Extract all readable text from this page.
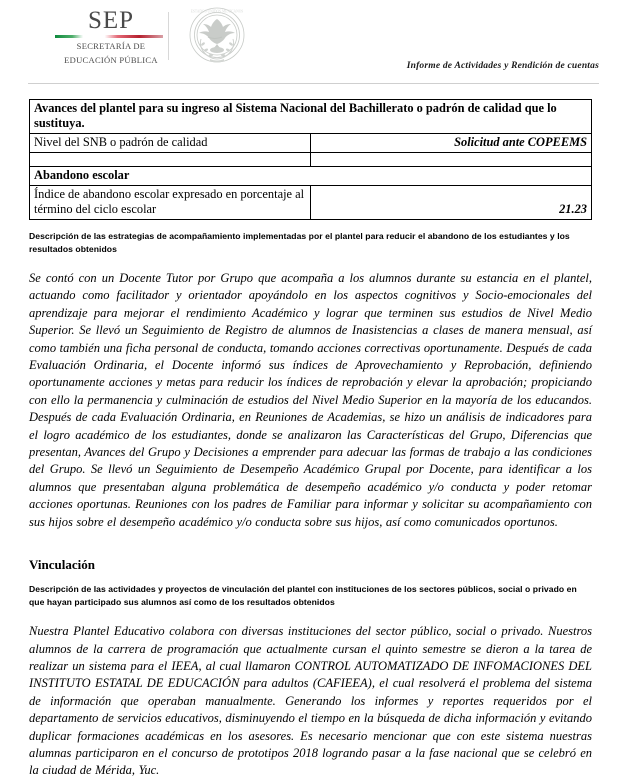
SEP
SECRETARÍA DE
EDUCACIÓN PÚBLICA
ESTADOS UNIDOS MEXICANOS
Informe de Actividades y Rendición de cuentas
Avances del plantel para su ingreso al Sistema Nacional del Bachillerato o padrón de calidad que lo sustituya.	
Nivel del SNB o padrón de calidad	Solicitud ante COPEEMS

Abandono escolar	
Índice de abandono escolar expresado en porcentaje al término del ciclo escolar	21.23
Descripción de las estrategias de acompañamiento implementadas por el plantel para reducir el abandono de los estudiantes y los resultados obtenidos
Se contó con un Docente Tutor por Grupo que acompaña a los alumnos durante su estancia en el plantel, actuando como facilitador y orientador apoyándolo en los aspectos cognitivos y Socio-emocionales del aprendizaje para mejorar el rendimiento Académico y lograr que terminen sus estudios de Nivel Medio Superior. Se llevó un Seguimiento de Registro de alumnos de Inasistencias a clases de manera mensual, así como también una ficha personal de conducta, tomando acciones correctivas oportunamente. Después de cada Evaluación Ordinaria, el Docente informó sus índices de Aprovechamiento y Reprobación, definiendo oportunamente acciones y metas para reducir los índices de reprobación y elevar la aprobación; propiciando con ello la permanencia y culminación de estudios del Nivel Medio Superior en la mayoría de los educandos. Después de cada Evaluación Ordinaria, en Reuniones de Academias, se hizo un análisis de indicadores para el logro académico de los estudiantes, donde se analizaron las Características del Grupo, Diferencias que presentan, Avances del Grupo y Decisiones a emprender para adecuar las formas de trabajo a las condiciones del Grupo. Se llevó un Seguimiento de Desempeño Académico Grupal por Docente, para identificar a los alumnos que presentaban alguna problemática de desempeño académico y/o conducta y poder retomar acciones oportunas. Reuniones con los padres de Familiar para informar y solicitar su acompañamiento con sus hijos sobre el desempeño académico y/o conducta sobre sus hijos, así como comunicados oportunos.
Vinculación
Descripción de las actividades y proyectos de vinculación del plantel con instituciones de los sectores públicos, social o privado en que hayan participado sus alumnos así como de los resultados obtenidos
Nuestra Plantel Educativo colabora con diversas instituciones del sector público, social o privado. Nuestros alumnos de la carrera de programación que actualmente cursan el quinto semestre se dieron a la tarea de realizar un sistema para el IEEA, al cual llamaron CONTROL AUTOMATIZADO DE INFOMACIONES DEL INSTITUTO ESTATAL DE EDUCACIÓN para adultos (CAFIEEA), el cual resolverá el problema del sistema de información que operaban manualmente. Generando los informes y reportes requeridos por el departamento de servicios educativos, disminuyendo el tiempo en la búsqueda de dicha información y evitando duplicar formaciones académicas en los asesores. Es necesario mencionar que con este sistema nuestras alumnas participaron en el concurso de prototipos 2018 logrando pasar a la fase nacional que se celebró en la ciudad de Mérida, Yuc.
